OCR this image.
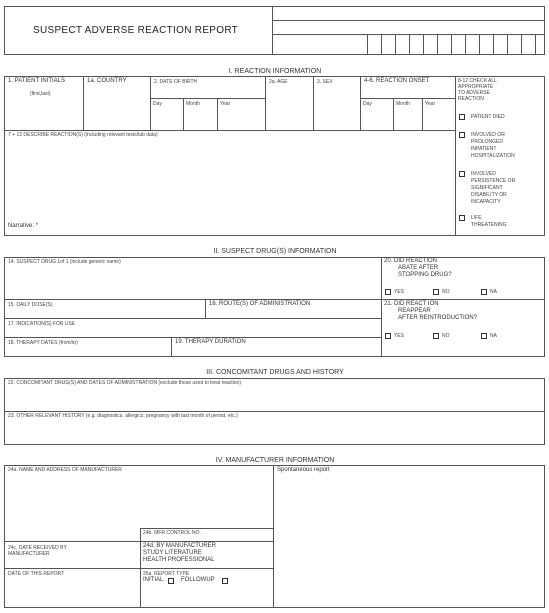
SUSPECT ADVERSE REACTION REPORT
I. REACTION INFORMATION
1. PATIENT INITIALS
(first,last)
1a. COUNTRY	2. DATE OF BIRTH	2a. AGE	3. SEX	4-6. REACTION ONSET
Day	Month	Year	Day	Month	Year
7 + 13 DESCRIBE REACTION(S) (including relevant tests/lab data)
Narrative: *
8-12 CHECK ALL
APPROPRIATE
TO ADVERSE
REACTION
PATIENT DIED
INVOLVED OR
PROLONGED
INPATIENT
HOSPITALIZATION
INVOLVED
PERSISTENCE OR
SIGNIFICANT
DISABILITY OR
INCAPACITY
LIFE
THREATENING
II. SUSPECT DRUG(S) INFORMATION
14. SUSPECT DRUG 1of 1 (include generic name)	20. DID REACTION
ABATE AFTER
STOPPING DRUG?
YES	NO	NA
15. DAILY DOSE(S)	16. ROUTE(S) OF ADMINISTRATION
17. INDICATION(S) FOR USE
21. DID REACT ION
REAPPEAR
AFTER REINTRODUCTION?
YES	NO	NA
18. THERAPY DATES (from/to)	19. THERAPY DURATION
III. CONCOMITANT DRUGS AND HISTORY
22. CONCOMITANT DRUG(S) AND DATES OF ADMINISTRATION (exclude those used to treat reaction)
23. OTHER RELEVANT HISTORY (e.g. diagnostics, allergics, pregnancy with last month of period, etc.)
IV. MANUFACTURER INFORMATION
24a. NAME AND ADDRESS OF MANUFACTURER	Spontaneous report
24b. MFR CONTROL NO.
24c. DATE RECEIVED BY
MANUFACTURER
24d. BY MANUFACTURER
STUDY LITERATURE
HEALTH PROFESSIONAL
DATE OF THIS REPORT	25a. REPORT TYPE
INITIAL	FOLLOWUP
